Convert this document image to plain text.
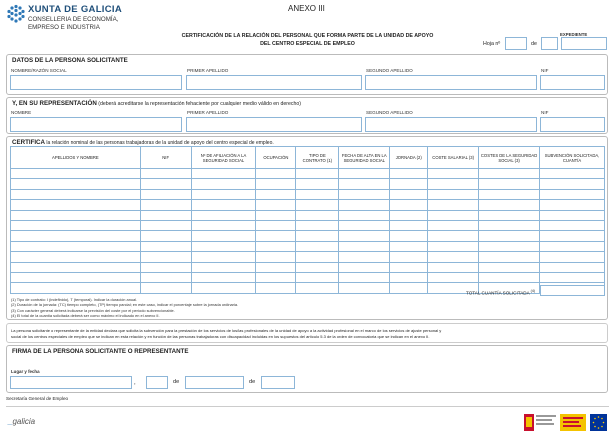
XUNTA DE GALICIA
CONSELLERIA DE ECONOMÍA,
EMPRESO E INDUSTRIA
ANEXO III
CERTIFICACIÓN DE LA RELACIÓN DEL PERSONAL QUE FORMA PARTE DE LA UNIDAD DE APOYO
DEL CENTRO ESPECIAL DE EMPLEO
EXPEDIENTE
Hoja nº	de
DATOS DE LA PERSONA SOLICITANTE
NOMBRE/RAZÓN SOCIAL	PRIMER APELLIDO	SEGUNDO APELLIDO	NIF
Y, EN SU REPRESENTACIÓN (deberá acreditarse la representación fehaciente por cualquier medio válido en derecho)
NOMBRE	PRIMER APELLIDO	SEGUNDO APELLIDO	NIF
CERTIFICA la relación nominal de las personas trabajadoras de la unidad de apoyo del centro especial de empleo.
APELLIDOS Y NOMBRE	NIF	Nº DE AFILIACIÓN A LA SEGURIDAD SOCIAL	OCUPACIÓN	TIPO DE CONTRATO (1)	FECHA DE ALTA EN LA SEGURIDAD SOCIAL	JORNADA (2)	COSTE SALARIAL (3)	COSTES DE LA SEGURIDAD SOCIAL (3)	SUBVENCIÓN SOLICITADA, CUANTÍA

TOTAL CUANTÍA SOLICITADA $^{(4)}$
(1) Tipo de contrato: I (indefinido), T (temporal). Indicar la duración anual.
(2) Duración de la jornada: (TC) tiempo completo, (TP) tiempo parcial; en este caso, indicar el porcentaje sobre la jornada ordinaria.
(3) Con carácter general deberá indicarse la previsión del coste por el período subvencionable.
(4) El total de la cuantía solicitada deberá ser como máximo el indicado en el anexo II.
La persona solicitante o representante de la entidad declara que solicita la subvención para la prestación de los servicios de los/las profesionales de la unidad de apoyo a la actividad profesional en el marco de los servicios de ajuste personal y
social de los centros especiales de empleo que se indican en esta relación y en función de las personas trabajadoras con discapacidad incluidas en los supuestos del artículo 5.3 de la orden de convocatoria que se indican en el anexo II.
FIRMA DE LA PERSONA SOLICITANTE O REPRESENTANTE
Lugar y fecha
,	de	de
Secretaría General de Empleo
​_galicia
